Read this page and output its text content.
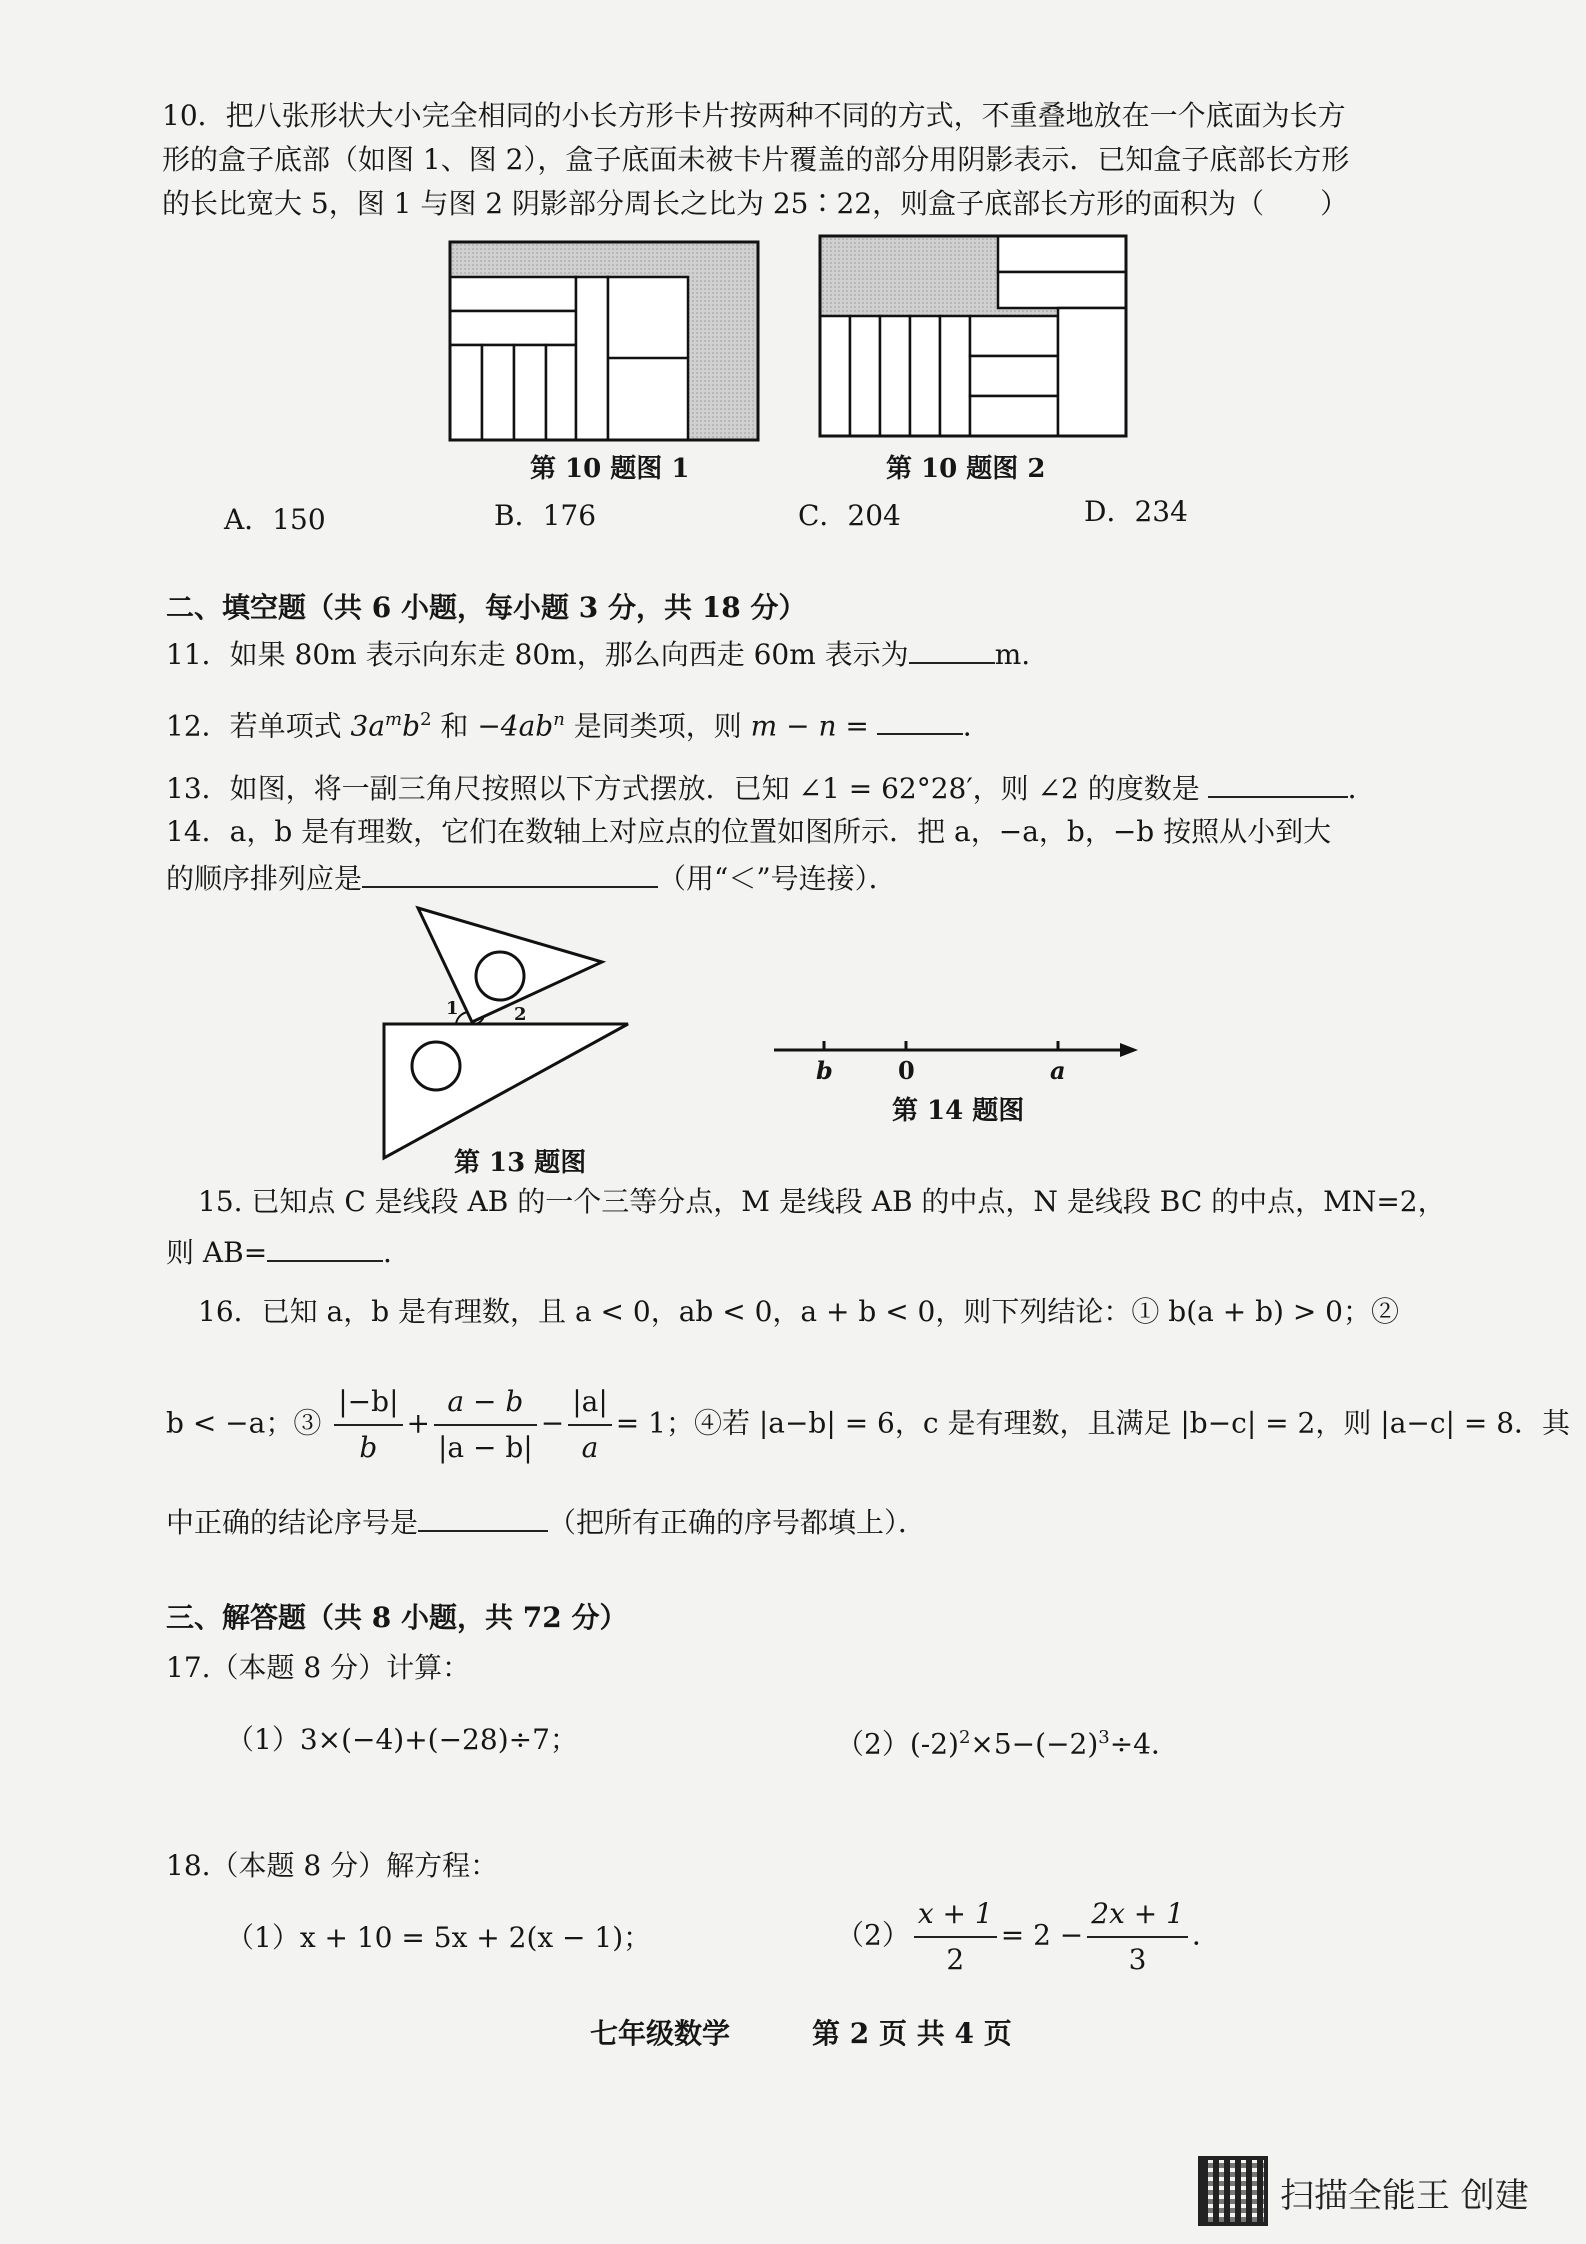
10．把八张形状大小完全相同的小长方形卡片按两种不同的方式，不重叠地放在一个底面为长方
形的盒子底部（如图 1、图 2），盒子底面未被卡片覆盖的部分用阴影表示．已知盒子底部长方形
的长比宽大 5，图 1 与图 2 阴影部分周长之比为 25∶22，则盒子底部长方形的面积为（　　）
第 10 题图 1	第 10 题图 2
A．150	B．176	C．204	D．234
二、填空题（共 6 小题，每小题 3 分，共 18 分）
11．如果 80m 表示向东走 80m，那么向西走 60m 表示为	m.
12．若单项式 $3a^mb^2$ 和 $-4ab^n$ 是同类项，则 m − n =	．
13．如图，将一副三角尺按照以下方式摆放．已知 ∠1 = 62°28′，则 ∠2 的度数是	．
14．a，b 是有理数，它们在数轴上对应点的位置如图所示．把 a，−a，b，−b 按照从小到大
的顺序排列应是	（用“＜”号连接）．
1	2
第 13 题图
b	0	a
第 14 题图
15. 已知点 C 是线段 AB 的一个三等分点，M 是线段 AB 的中点，N 是线段 BC 的中点，MN=2，
则 AB=	．
16．已知 a，b 是有理数，且 a < 0，ab < 0，a + b < 0，则下列结论：① b(a + b) > 0；②
b < −a；③ $\frac{|-b|}{b} + \frac{a - b}{|a - b|} - \frac{|a|}{a} = 1$；④若 |a−b| = 6，c 是有理数，且满足 |b−c| = 2，则 |a−c| = 8．其
中正确的结论序号是	（把所有正确的序号都填上）．
三、解答题（共 8 小题，共 72 分）
17.（本题 8 分）计算：
（1）3×(−4)+(−28)÷7；	$(2)(-2)^2\times 5-(-2)^3\div 4$．
18.（本题 8 分）解方程：
（1）x + 10 = 5x + 2(x − 1)；	$(2) \frac{x + 1}{2} = 2 - \frac{2x + 1}{3}$ ．
七年级数学	第 2 页 共 4 页
扫描全能王 创建
